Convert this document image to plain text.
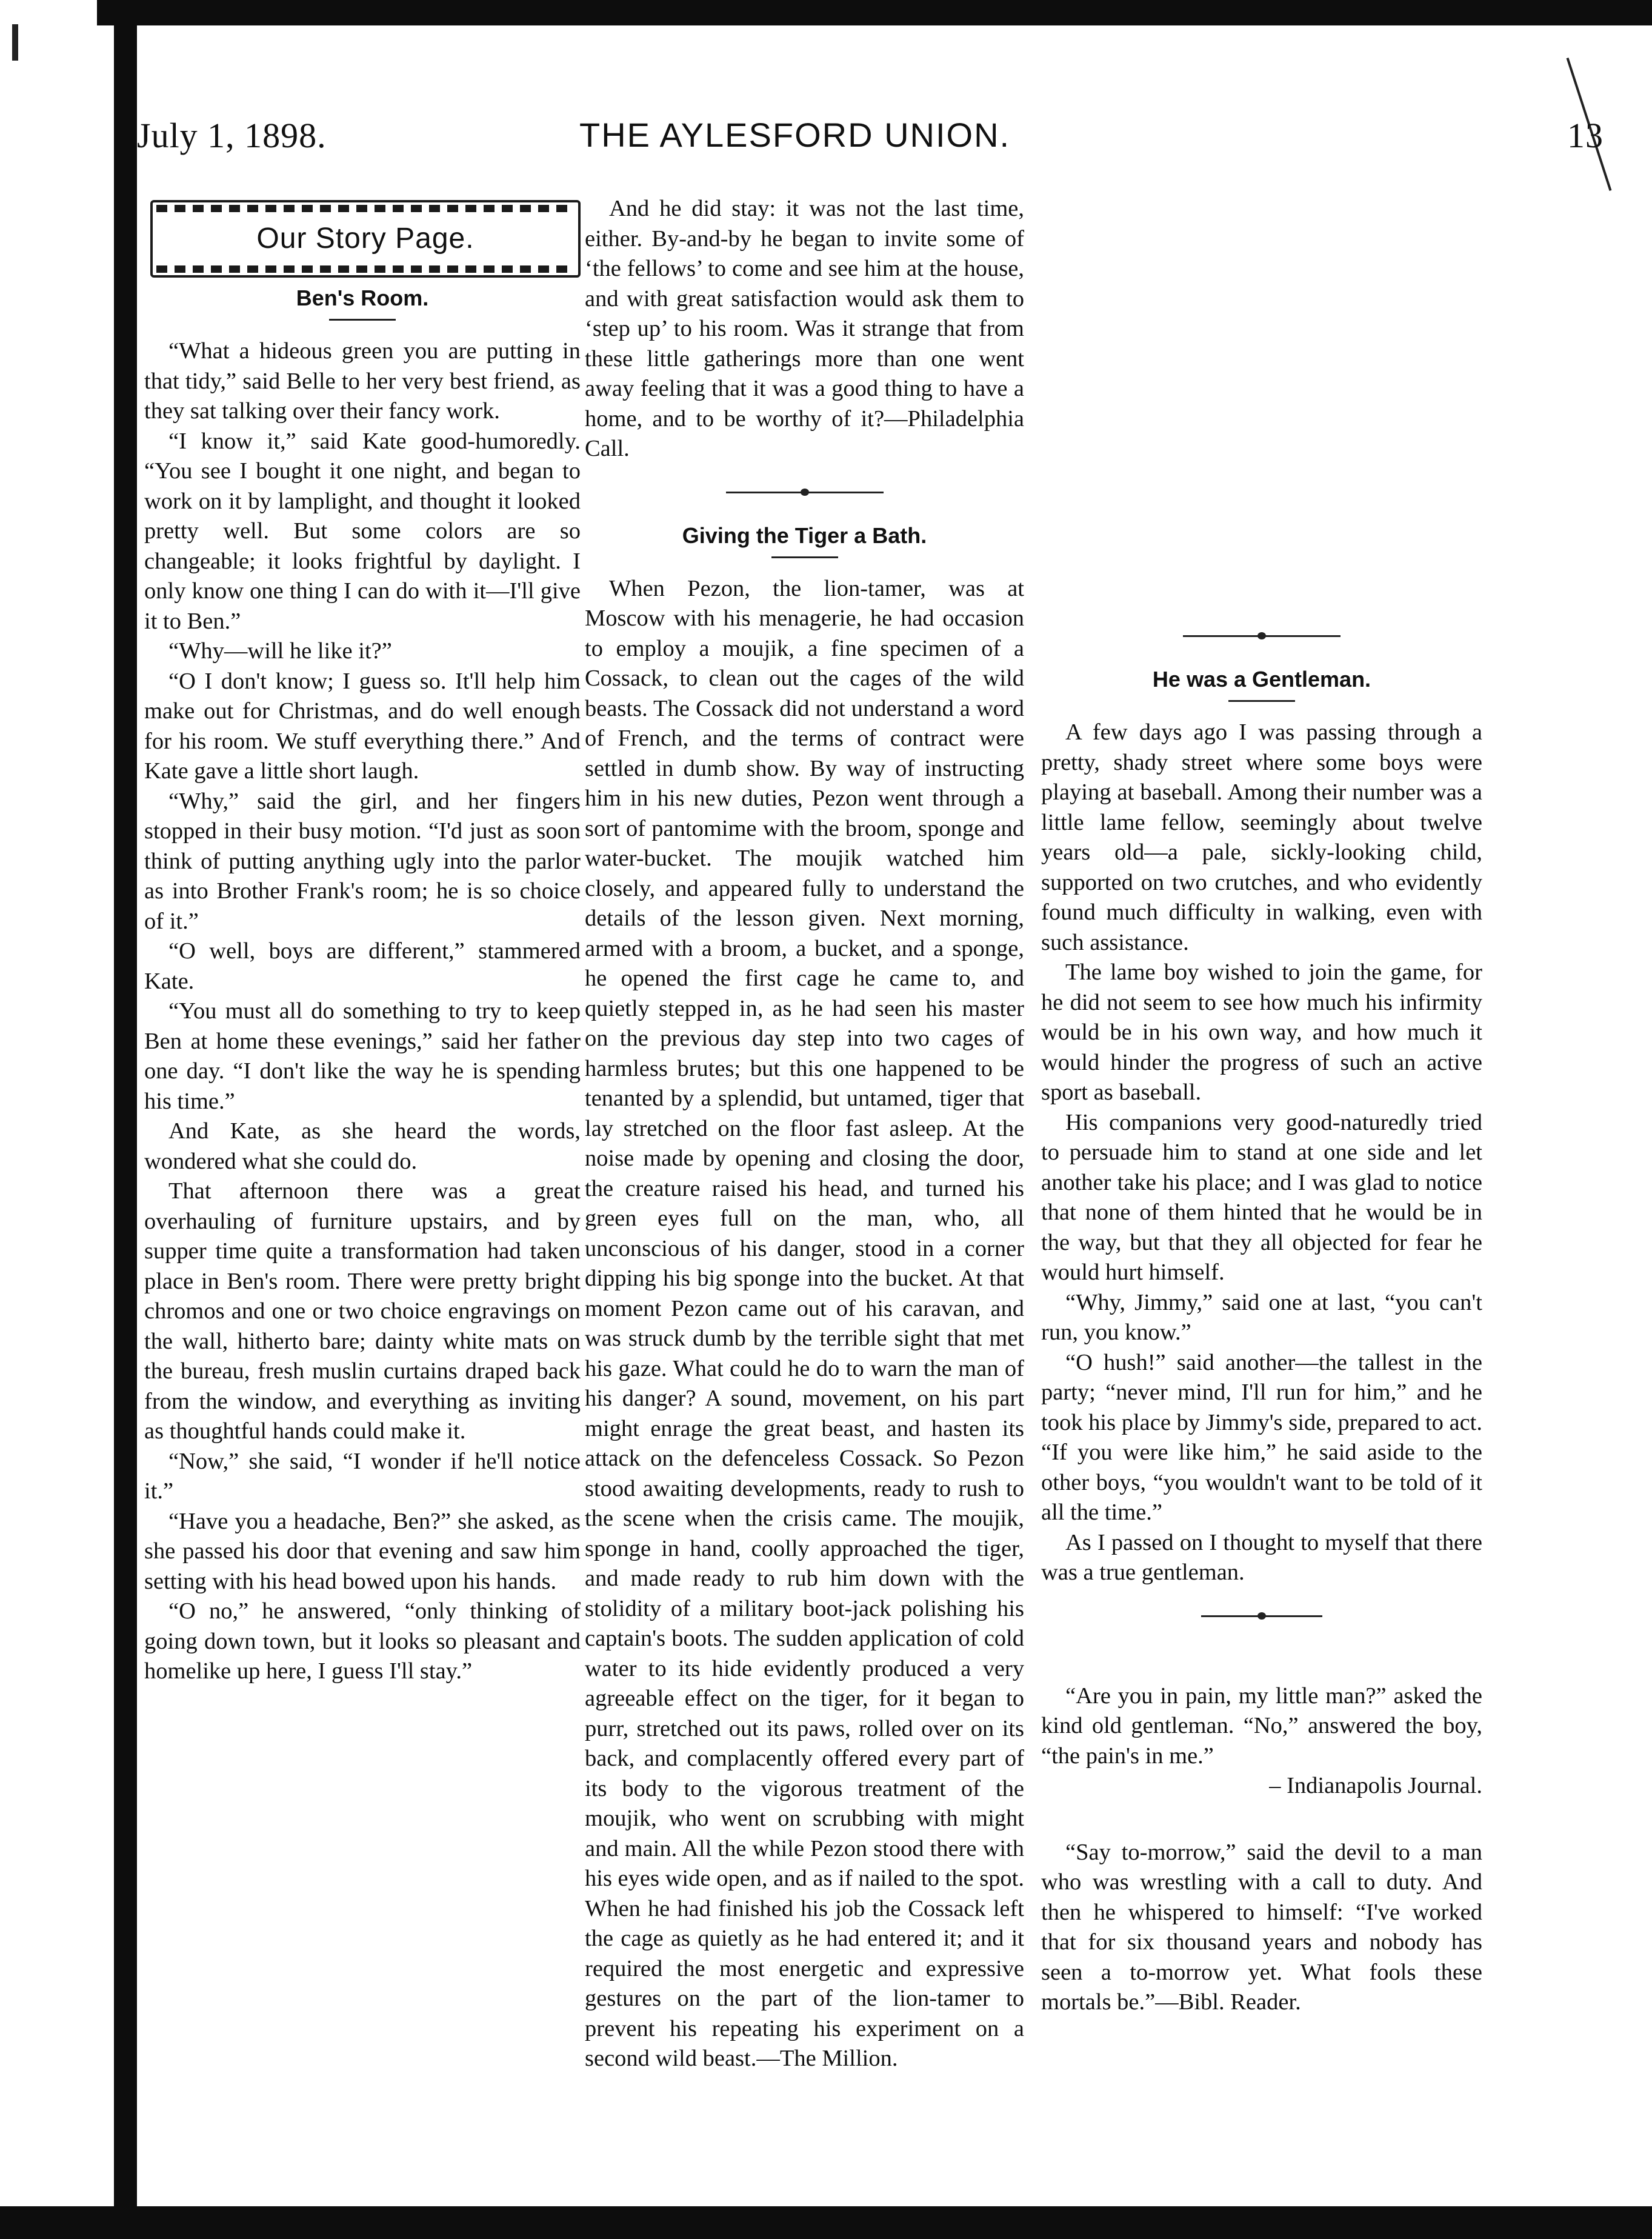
July 1, 1898.	THE AYLESFORD UNION.	13
Our Story Page.
Ben's Room.

“What a hideous green you are putting in that tidy,” said Belle to her very best friend, as they sat talking over their fancy work.

“I know it,” said Kate good-humoredly. “You see I bought it one night, and began to work on it by lamplight, and thought it looked pretty well. But some colors are so changeable; it looks frightful by daylight. I only know one thing I can do with it—I'll give it to Ben.”

“Why—will he like it?”

“O I don't know; I guess so. It'll help him make out for Christmas, and do well enough for his room. We stuff everything there.” And Kate gave a little short laugh.

“Why,” said the girl, and her fingers stopped in their busy motion. “I'd just as soon think of putting anything ugly into the parlor as into Brother Frank's room; he is so choice of it.”

“O well, boys are different,” stammered Kate.

“You must all do something to try to keep Ben at home these evenings,” said her father one day. “I don't like the way he is spending his time.”

And Kate, as she heard the words, wondered what she could do.

That afternoon there was a great overhauling of furniture upstairs, and by supper time quite a transformation had taken place in Ben's room. There were pretty bright chromos and one or two choice engravings on the wall, hitherto bare; dainty white mats on the bureau, fresh muslin curtains draped back from the window, and everything as inviting as thoughtful hands could make it.

“Now,” she said, “I wonder if he'll notice it.”

“Have you a headache, Ben?” she asked, as she passed his door that evening and saw him setting with his head bowed upon his hands.

“O no,” he answered, “only thinking of going down town, but it looks so pleasant and homelike up here, I guess I'll stay.”

And he did stay: it was not the last time, either. By-and-by he began to invite some of ‘the fellows’ to come and see him at the house, and with great satisfaction would ask them to ‘step up’ to his room. Was it strange that from these little gatherings more than one went away feeling that it was a good thing to have a home, and to be worthy of it?—Philadelphia Call.

Giving the Tiger a Bath.

When Pezon, the lion-tamer, was at Moscow with his menagerie, he had occasion to employ a moujik, a fine specimen of a Cossack, to clean out the cages of the wild beasts. The Cossack did not understand a word of French, and the terms of contract were settled in dumb show. By way of instructing him in his new duties, Pezon went through a sort of pantomime with the broom, sponge and water-bucket. The moujik watched him closely, and appeared fully to understand the details of the lesson given. Next morning, armed with a broom, a bucket, and a sponge, he opened the first cage he came to, and quietly stepped in, as he had seen his master on the previous day step into two cages of harmless brutes; but this one happened to be tenanted by a splendid, but untamed, tiger that lay stretched on the floor fast asleep. At the noise made by opening and closing the door, the creature raised his head, and turned his green eyes full on the man, who, all unconscious of his danger, stood in a corner dipping his big sponge into the bucket. At that moment Pezon came out of his caravan, and was struck dumb by the terrible sight that met his gaze. What could he do to warn the man of his danger? A sound, movement, on his part might enrage the great beast, and hasten its attack on the defenceless Cossack. So Pezon stood awaiting developments, ready to rush to the scene when the crisis came. The moujik, sponge in hand, coolly approached the tiger, and made ready to rub him down with the stolidity of a military boot-jack polishing his captain's boots. The sudden application of cold water to its hide evidently produced a very agreeable effect on the tiger, for it began to purr, stretched out its paws, rolled over on its back, and complacently offered every part of its body to the vigorous treatment of the moujik, who went on scrubbing with might and main. All the while Pezon stood there with his eyes wide open, and as if nailed to the spot. When he had finished his job the Cossack left the cage as quietly as he had entered it; and it required the most energetic and expressive gestures on the part of the lion-tamer to prevent his repeating his experiment on a second wild beast.—The Million.

He was a Gentleman.

A few days ago I was passing through a pretty, shady street where some boys were playing at baseball. Among their number was a little lame fellow, seemingly about twelve years old—a pale, sickly-looking child, supported on two crutches, and who evidently found much difficulty in walking, even with such assistance.

The lame boy wished to join the game, for he did not seem to see how much his infirmity would be in his own way, and how much it would hinder the progress of such an active sport as baseball.

His companions very good-naturedly tried to persuade him to stand at one side and let another take his place; and I was glad to notice that none of them hinted that he would be in the way, but that they all objected for fear he would hurt himself.

“Why, Jimmy,” said one at last, “you can't run, you know.”

“O hush!” said another—the tallest in the party; “never mind, I'll run for him,” and he took his place by Jimmy's side, prepared to act. “If you were like him,” he said aside to the other boys, “you wouldn't want to be told of it all the time.”

As I passed on I thought to myself that there was a true gentleman.

“Are you in pain, my little man?” asked the kind old gentleman. “No,” answered the boy, “the pain's in me.”

– Indianapolis Journal.

“Say to-morrow,” said the devil to a man who was wrestling with a call to duty. And then he whispered to himself: “I've worked that for six thousand years and nobody has seen a to-morrow yet. What fools these mortals be.”—Bibl. Reader.
